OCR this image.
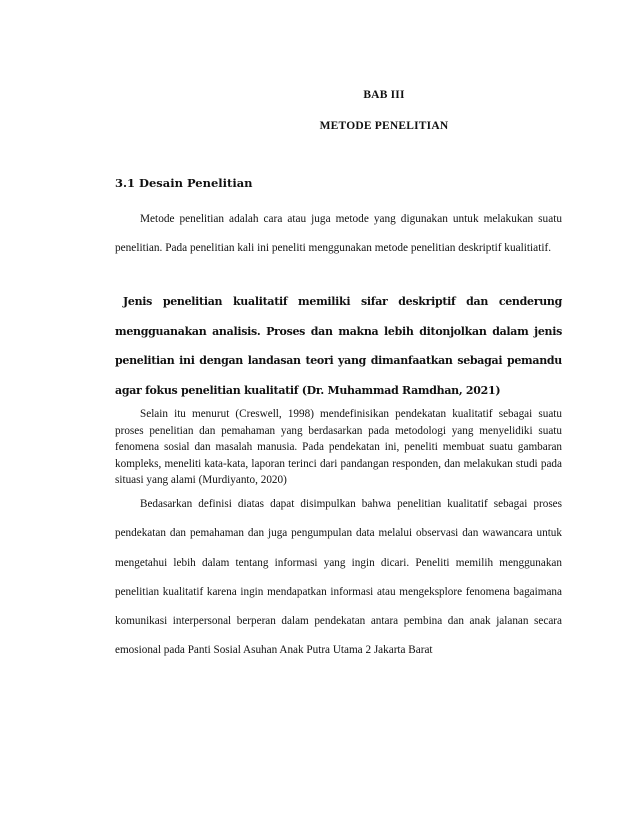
BAB III
METODE PENELITIAN
3.1 Desain Penelitian

Metode penelitian adalah cara atau juga metode yang digunakan untuk melakukan suatu penelitian. Pada penelitian kali ini peneliti menggunakan metode penelitian deskriptif kualitiatif.

Jenis penelitian kualitatif memiliki sifar deskriptif dan cenderung mengguanakan analisis. Proses dan makna lebih ditonjolkan dalam jenis penelitian ini dengan landasan teori yang dimanfaatkan sebagai pemandu agar fokus penelitian kualitatif (Dr. Muhammad Ramdhan, 2021)

Selain itu menurut (Creswell, 1998) mendefinisikan pendekatan kualitatif sebagai suatu proses penelitian dan pemahaman yang berdasarkan pada metodologi yang menyelidiki suatu fenomena sosial dan masalah manusia. Pada pendekatan ini, peneliti membuat suatu gambaran kompleks, meneliti kata-kata, laporan terinci dari pandangan responden, dan melakukan studi pada situasi yang alami (Murdiyanto, 2020)

Bedasarkan definisi diatas dapat disimpulkan bahwa penelitian kualitatif sebagai proses pendekatan dan pemahaman dan juga pengumpulan data melalui observasi dan wawancara untuk mengetahui lebih dalam tentang informasi yang ingin dicari. Peneliti memilih menggunakan penelitian kualitatif karena ingin mendapatkan informasi atau mengeksplore fenomena bagaimana komunikasi interpersonal berperan dalam pendekatan antara pembina dan anak jalanan secara emosional pada Panti Sosial Asuhan Anak Putra Utama 2 Jakarta Barat
